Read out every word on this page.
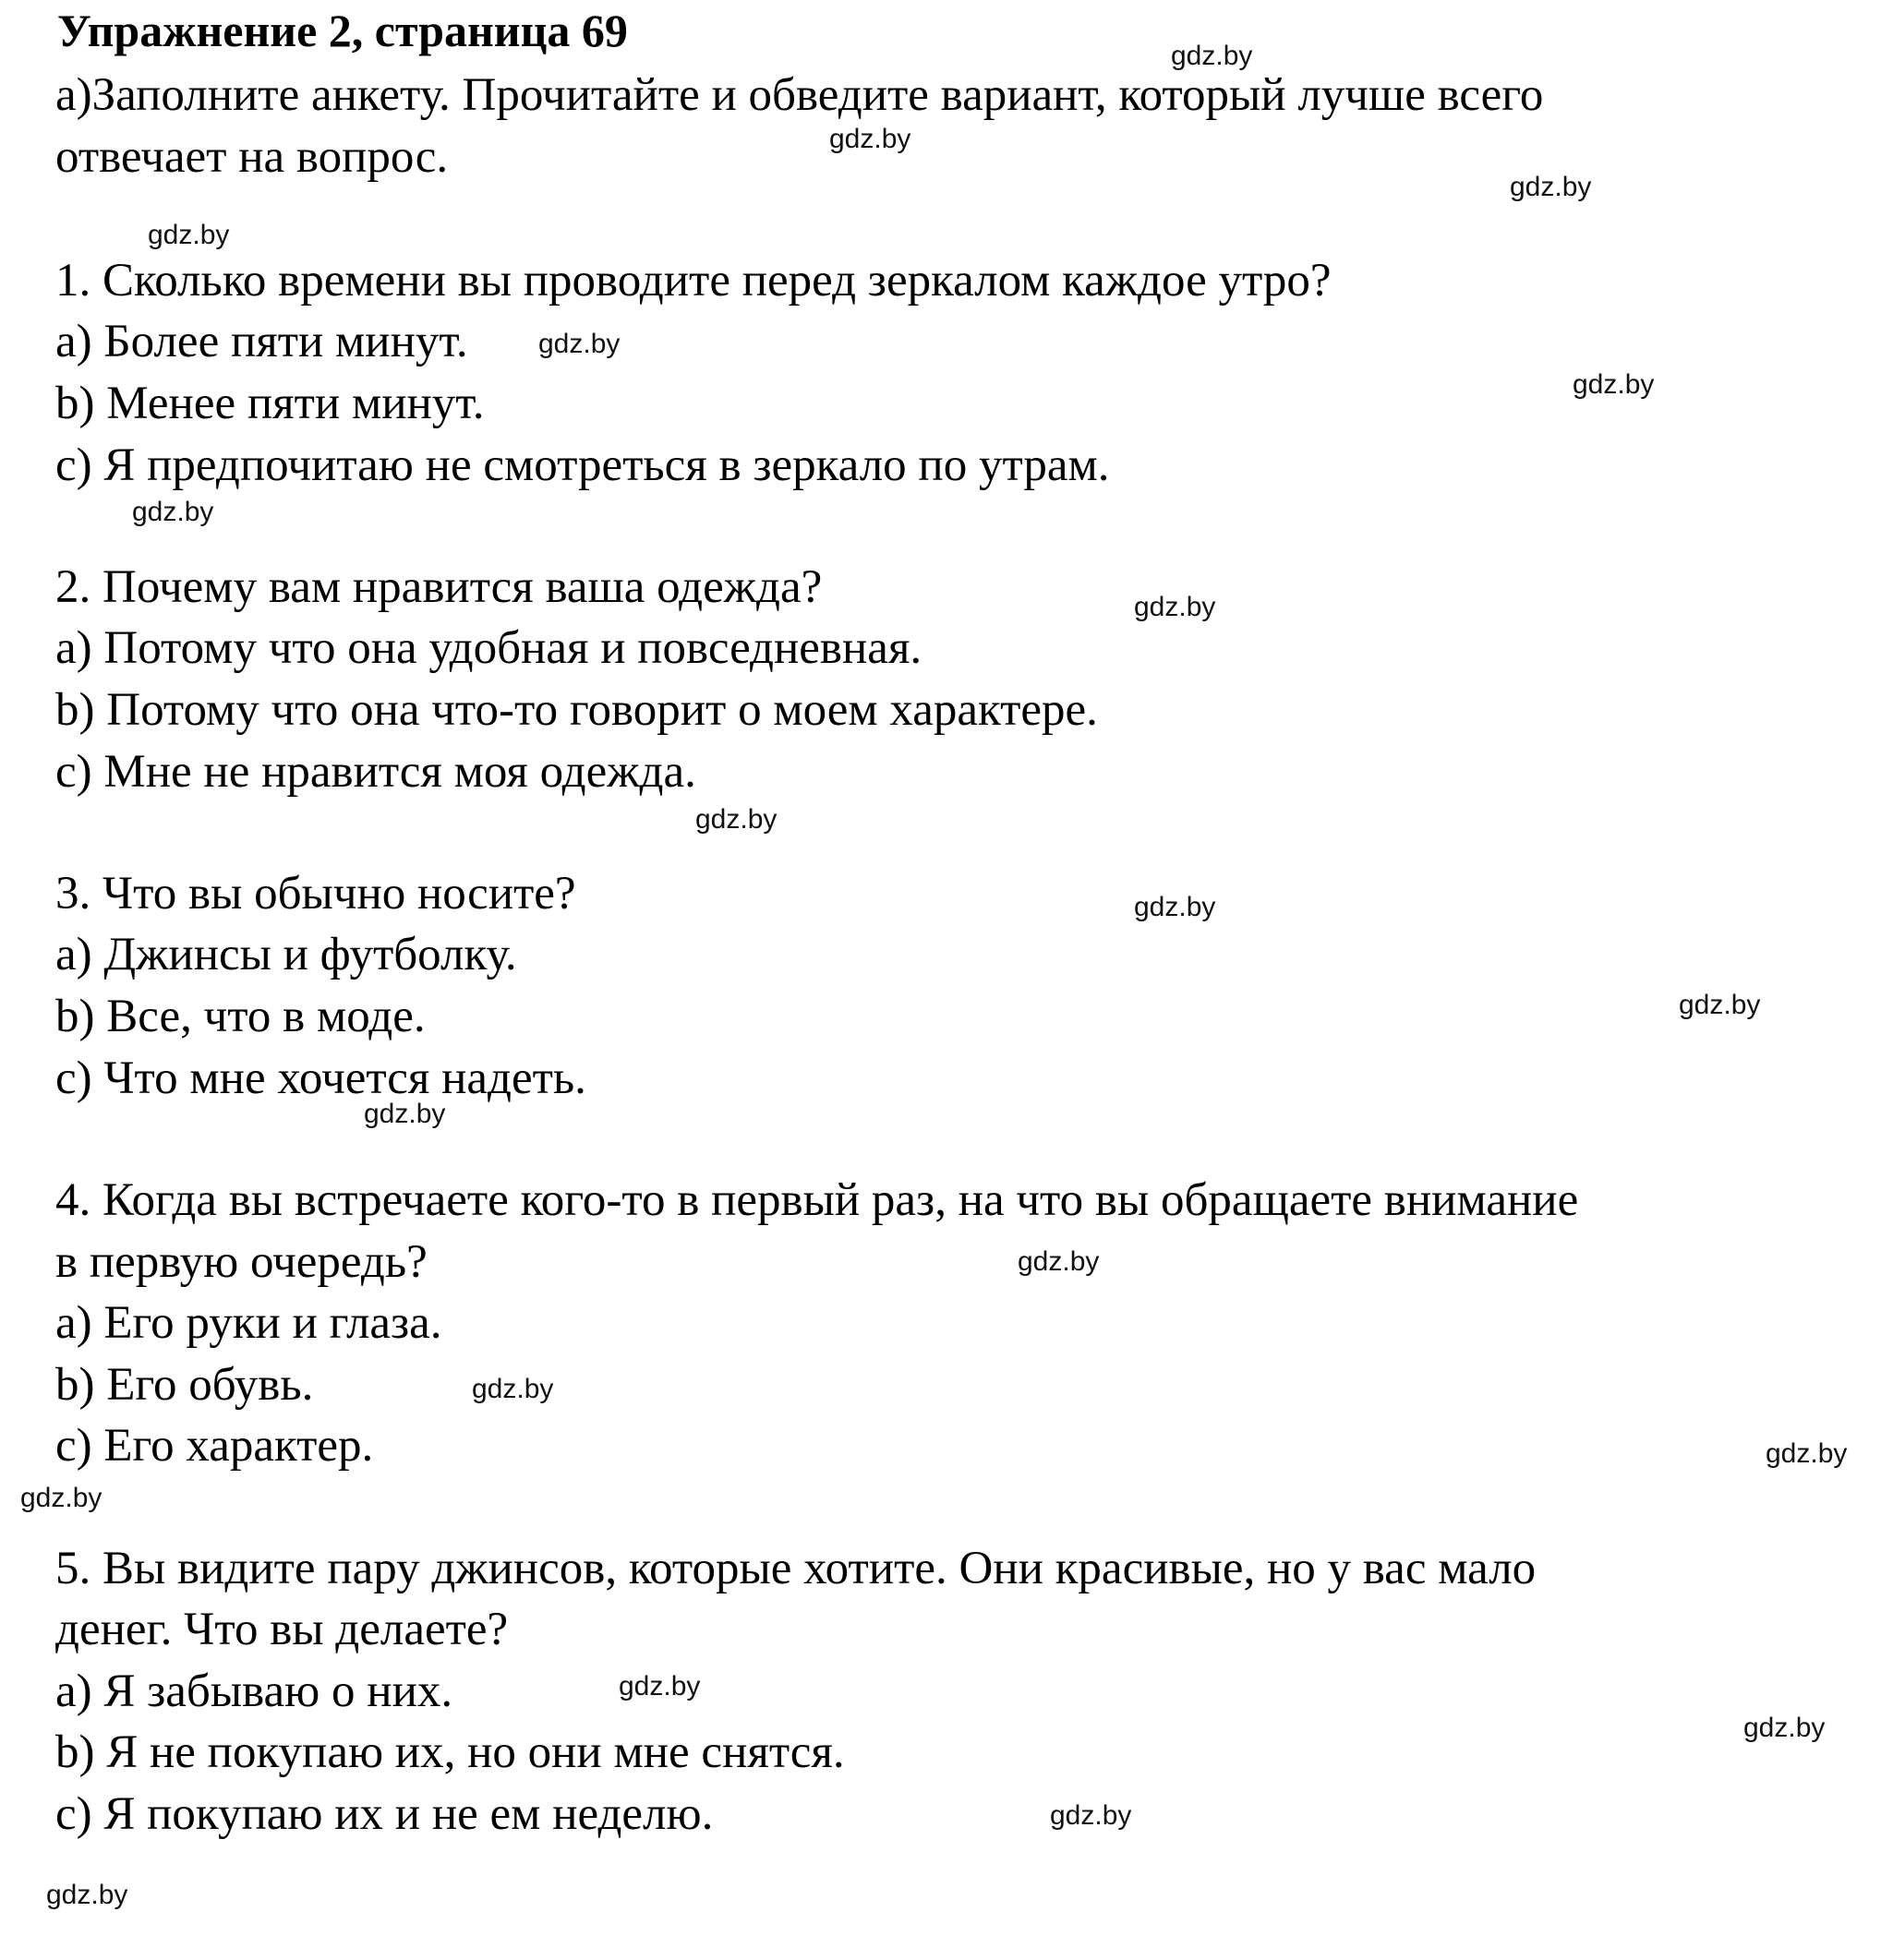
Упражнение 2, страница 69
а)Заполните анкету. Прочитайте и обведите вариант, который лучше всего
отвечает на вопрос.
1. Сколько времени вы проводите перед зеркалом каждое утро?
а) Более пяти минут.
b) Менее пяти минут.
с) Я предпочитаю не смотреться в зеркало по утрам.
2. Почему вам нравится ваша одежда?
а) Потому что она удобная и повседневная.
b) Потому что она что-то говорит о моем характере.
с) Мне не нравится моя одежда.
3. Что вы обычно носите?
а) Джинсы и футболку.
b) Все, что в моде.
с) Что мне хочется надеть.
4. Когда вы встречаете кого-то в первый раз, на что вы обращаете внимание
в первую очередь?
а) Его руки и глаза.
b) Его обувь.
с) Его характер.
5. Вы видите пару джинсов, которые хотите. Они красивые, но у вас мало
денег. Что вы делаете?
а) Я забываю о них.
b) Я не покупаю их, но они мне снятся.
с) Я покупаю их и не ем неделю.
gdz.by
gdz.by
gdz.by
gdz.by
gdz.by
gdz.by
gdz.by
gdz.by
gdz.by
gdz.by
gdz.by
gdz.by
gdz.by
gdz.by
gdz.by
gdz.by
gdz.by
gdz.by
gdz.by
gdz.by
